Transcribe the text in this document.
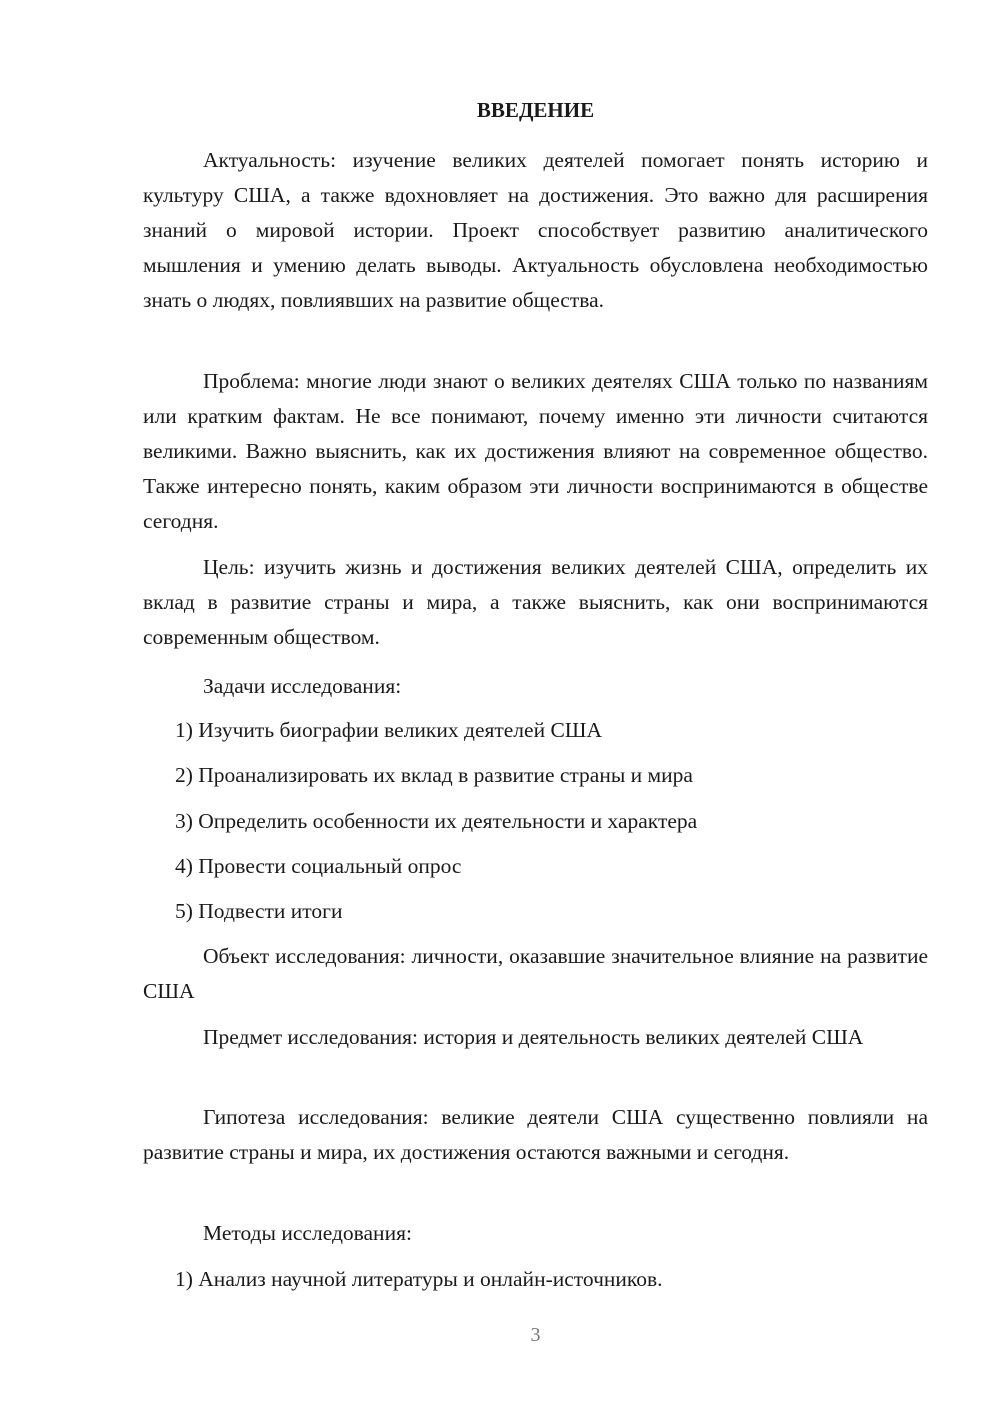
ВВЕДЕНИЕ

Актуальность: изучение великих деятелей помогает понять историю и культуру США, а также вдохновляет на достижения. Это важно для расширения знаний о мировой истории. Проект способствует развитию аналитического мышления и умению делать выводы. Актуальность обусловлена необходимостью знать о людях, повлиявших на развитие общества.

Проблема: многие люди знают о великих деятелях США только по названиям или кратким фактам. Не все понимают, почему именно эти личности считаются великими. Важно выяснить, как их достижения влияют на современное общество. Также интересно понять, каким образом эти личности воспринимаются в обществе сегодня.

Цель: изучить жизнь и достижения великих деятелей США, определить их вклад в развитие страны и мира, а также выяснить, как они воспринимаются современным обществом.

Задачи исследования:
1) Изучить биографии великих деятелей США
2) Проанализировать их вклад в развитие страны и мира
3) Определить особенности их деятельности и характера
4) Провести социальный опрос
5) Подвести итоги

Объект исследования: личности, оказавшие значительное влияние на развитие США

Предмет исследования: история и деятельность великих деятелей США

Гипотеза исследования: великие деятели США существенно повлияли на развитие страны и мира, их достижения остаются важными и сегодня.

Методы исследования:
1) Анализ научной литературы и онлайн-источников.
3
